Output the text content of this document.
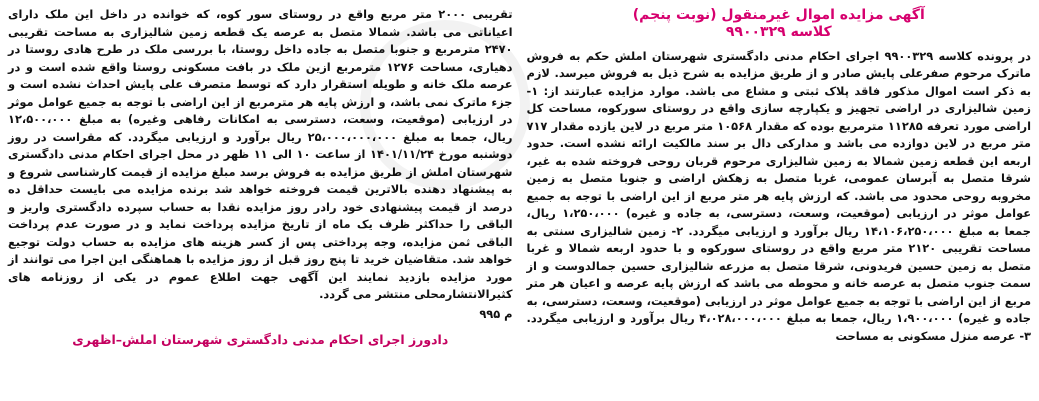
آگهی مزایده اموال غیرمنقول (نوبت پنجم)
کلاسه ۹۹۰۰۳۲۹

در پرونده کلاسه ۹۹۰۰۳۲۹ اجرای احکام مدنی دادگستری شهرستان املش حکم به فروش ماترک مرحوم صفرعلی پایش صادر و از طریق مزایده به شرح ذیل به فروش میرسد. لازم به ذکر است اموال مذکور فاقد پلاک ثبتی و مشاع می باشد. موارد مزایده عبارتند از: ۱- زمین شالیزاری در اراضی تجهیز و یکپارچه سازی واقع در روستای سورکوه، مساحت کل اراضی مورد تعرفه ۱۱۲۸۵ مترمربع بوده که مقدار ۱۰۵۶۸ متر مربع در لاین یازده مقدار ۷۱۷ متر مربع در لاین دوازده می باشد و مدارکی دال بر سند مالکیت ارائه نشده است. حدود اربعه این قطعه زمین شمالا به زمین شالیزاری مرحوم قربان روحی فروخته شده به غیر، شرقا متصل به آبرسان عمومی، غربا متصل به زهکش اراضی و جنوبا متصل به زمین مخروبه روحی محدود می باشد. که ارزش پایه هر متر مربع از این اراضی با توجه به جمیع عوامل موثر در ارزیابی (موقعیت، وسعت، دسترسی، به جاده و غیره) ۱،۲۵۰،۰۰۰ ریال، جمعا به مبلغ ۱۴،۱۰۶،۲۵۰،۰۰۰ ریال برآورد و ارزیابی میگردد. ۲- زمین شالیزاری سنتی به مساحت تقریبی ۲۱۲۰ متر مربع واقع در روستای سورکوه و با حدود اربعه شمالا و غربا متصل به زمین حسین فریدونی، شرقا متصل به مزرعه شالیزاری حسین جمالدوست و از سمت جنوب متصل به عرصه خانه و محوطه می باشد که ارزش پایه عرصه و اعیان هر متر مربع از این اراضی با توجه به جمیع عوامل موثر در ارزیابی (موقعیت، وسعت، دسترسی، به جاده و غیره) ۱،۹۰۰،۰۰۰ ریال، جمعا به مبلغ ۴،۰۲۸،۰۰۰،۰۰۰ ریال برآورد و ارزیابی میگردد. ۳- عرصه منزل مسکونی به مساحت

تقریبی ۲۰۰۰ متر مربع واقع در روستای سور کوه، که خوانده در داخل این ملک دارای اعیاناتی می باشد. شمالا متصل به عرصه یک قطعه زمین شالیزاری به مساحت تقریبی ۲۴۷۰ مترمربع و جنوبا متصل به جاده داخل روستا، با بررسی ملک در طرح هادی روستا در دهیاری، مساحت ۱۲۷۶ مترمربع ازین ملک در بافت مسکونی روستا واقع شده است و در عرصه ملک خانه و طویله استقرار دارد که توسط متصرف علی پایش احداث نشده است و جزء ماترک نمی باشد، و ارزش پایه هر مترمربع از این اراضی با توجه به جمیع عوامل موثر در ارزیابی (موقعیت، وسعت، دسترسی به امکانات رفاهی وغیره) به مبلغ ۱۲،۵۰۰،۰۰۰ ریال، جمعا به مبلغ ۲۵،۰۰۰،۰۰۰،۰۰۰ ریال برآورد و ارزیابی میگردد. که مقراست در روز دوشنبه مورخ ۱۴۰۱/۱۱/۲۴ از ساعت ۱۰ الی ۱۱ ظهر در محل اجرای احکام مدنی دادگستری شهرستان املش از طریق مزایده به فروش برسد مبلغ مزایده از قیمت کارشناسی شروع و به پیشنهاد دهنده بالاترین قیمت فروخته خواهد شد برنده مزایده می بایست حداقل ده درصد از قیمت پیشنهادی خود رادر روز مزایده نقدا به حساب سپرده دادگستری واریز و الباقی را حداکثر ظرف یک ماه از تاریخ مزایده پرداخت نماید و در صورت عدم پرداخت الباقی ثمن مزایده، وجه پرداختی پس از کسر هزینه های مزایده به حساب دولت توجیع خواهد شد. متقاضیان خرید تا پنج روز قبل از روز مزایده با هماهنگی این اجرا می توانند از مورد مزایده بازدید نمایند این آگهی جهت اطلاع عموم در یکی از روزنامه های کثیرالانتشارمحلی منتشر می گردد.

م ۹۹۵
دادورز اجرای احکام مدنی دادگستری شهرستان املش–اظهری
